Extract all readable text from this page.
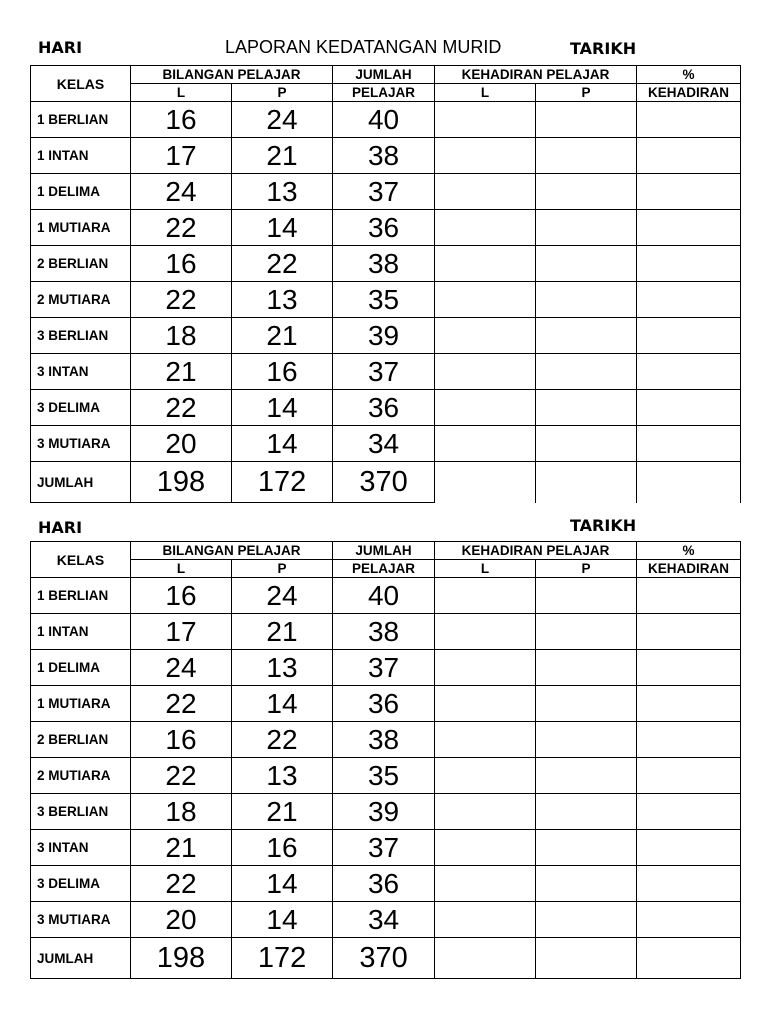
HARI	LAPORAN KEDATANGAN MURID	TARIKH
KELAS	BILANGAN PELAJAR		JUMLAH	KEHADIRAN PELAJAR		%
	L	P	PELAJAR	L	P	KEHADIRAN
1 BERLIAN	16	24	40			
1 INTAN	17	21	38			
1 DELIMA	24	13	37			
1 MUTIARA	22	14	36			
2 BERLIAN	16	22	38			
2 MUTIARA	22	13	35			
3 BERLIAN	18	21	39			
3 INTAN	21	16	37			
3 DELIMA	22	14	36			
3 MUTIARA	20	14	34			
JUMLAH	198	172	370			
HARI	TARIKH
KELAS	BILANGAN PELAJAR		JUMLAH	KEHADIRAN PELAJAR		%
	L	P	PELAJAR	L	P	KEHADIRAN
1 BERLIAN	16	24	40			
1 INTAN	17	21	38			
1 DELIMA	24	13	37			
1 MUTIARA	22	14	36			
2 BERLIAN	16	22	38			
2 MUTIARA	22	13	35			
3 BERLIAN	18	21	39			
3 INTAN	21	16	37			
3 DELIMA	22	14	36			
3 MUTIARA	20	14	34			
JUMLAH	198	172	370			
